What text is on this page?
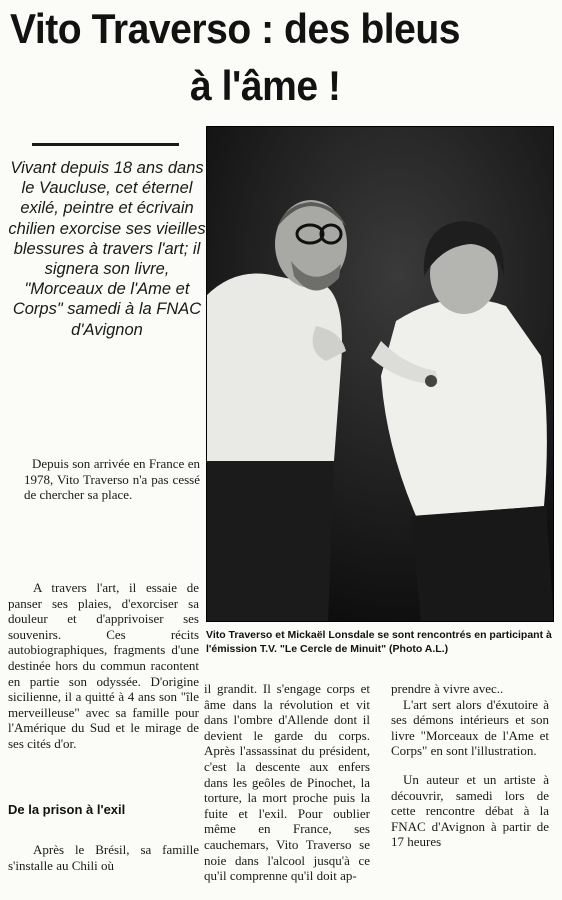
Vito Traverso : des bleus
à l'âme !
Vivant depuis 18 ans dans le Vaucluse, cet éternel exilé, peintre et écrivain chilien exorcise ses vieilles blessures à travers l'art; il signera son livre, "Morceaux de l'Ame et Corps" samedi à la FNAC d'Avignon
Depuis son arrivée en France en 1978, Vito Traverso n'a pas cessé de chercher sa place.
A travers l'art, il essaie de panser ses plaies, d'exorciser sa douleur et d'apprivoiser ses souvenirs. Ces récits autobiographiques, fragments d'une destinée hors du commun racontent en partie son odyssée. D'origine sicilienne, il a quitté à 4 ans son "île merveilleuse" avec sa famille pour l'Amérique du Sud et le mirage de ses cités d'or.
De la prison à l'exil
Après le Brésil, sa famille s'installe au Chili où
il grandit. Il s'engage corps et âme dans la révolution et vit dans l'ombre d'Allende dont il devient le garde du corps. Après l'assassinat du président, c'est la descente aux enfers dans les geôles de Pinochet, la torture, la mort proche puis la fuite et l'exil. Pour oublier même en France, ses cauchemars, Vito Traverso se noie dans l'alcool jusqu'à ce qu'il comprenne qu'il doit ap-

prendre à vivre avec..

L'art sert alors d'éxutoire à ses démons intérieurs et son livre "Morceaux de l'Ame et Corps" en sont l'illustration.

Un auteur et un artiste à découvrir, samedi lors de cette rencontre débat à la FNAC d'Avignon à partir de 17 heures

Vito Traverso et Mickaël Lonsdale se sont rencontrés en participant à l'émission T.V. "Le Cercle de Minuit" (Photo A.L.)
